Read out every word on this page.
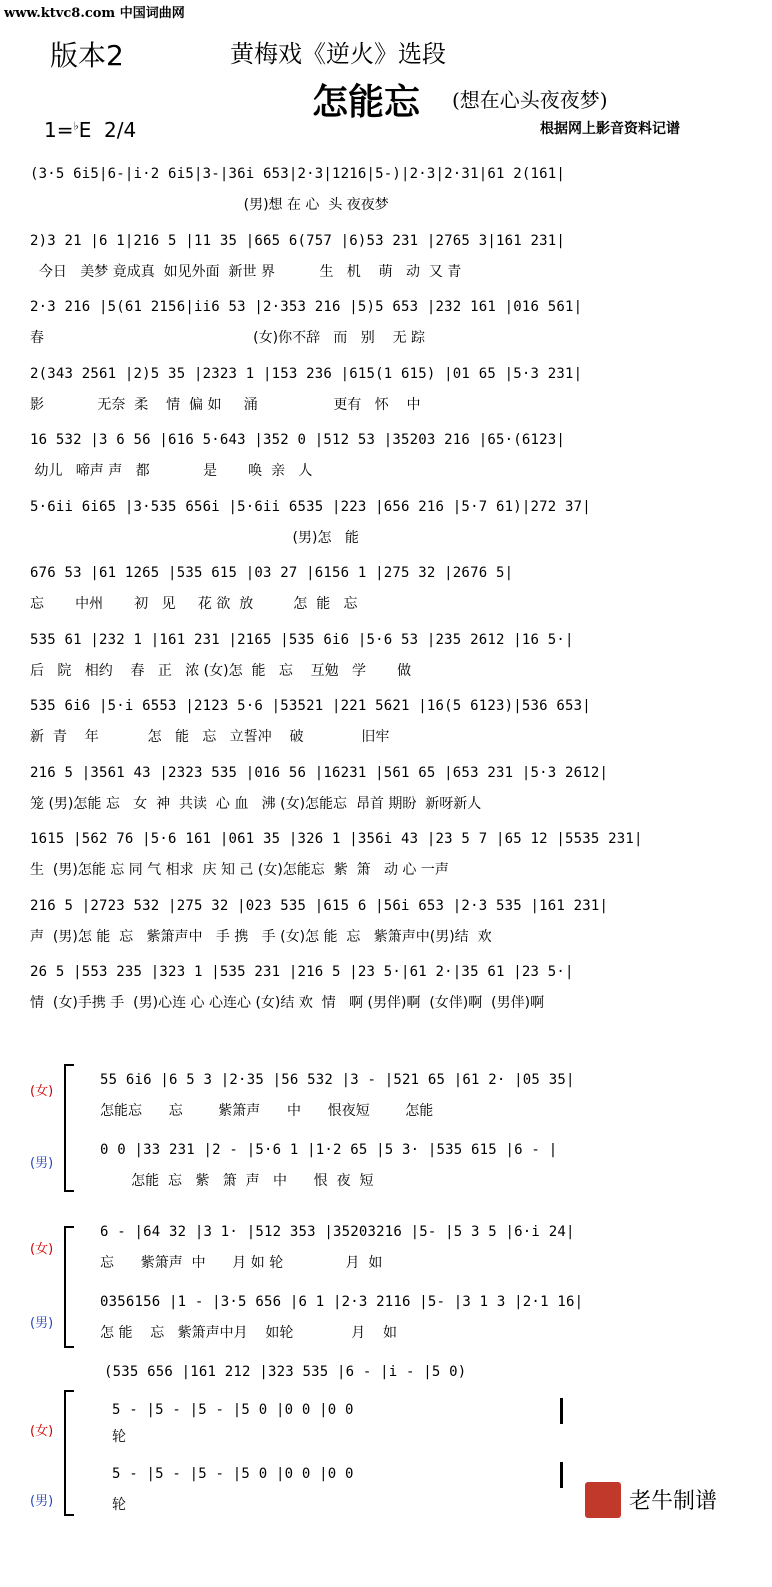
www.ktvc8.com 中国词曲网
版本2	黄梅戏《逆火》选段
怎能忘 (想在心头夜夜梦)
1=♭E 2/4	根据网上影音资料记谱
(3·5 6i5|6-|i·2 6i5|3-|36i 653|2·3|1216|5-)|2·3|2·31|61 2(161|
(男)想 在 心  头 夜夜梦
2)3 21 |6 1|216 5 |11 35 |665 6(757 |6)53 231 |2765 3|161 231|
今日   美梦 竟成真  如见外面  新世 界          生   机    萌   动  又 青
2·3 216 |5(61 2156|ii6 53 |2·353 216 |5)5 653 |232 161 |016 561|
春                                               (女)你不辞   而   别    无 踪
2(343 2561 |2)5 35 |2323 1 |153 236 |615(1 615) |01 65 |5·3 231|
影            无奈  柔    情  偏 如     涌                 更有   怀    中
16 532 |3 6 56 |616 5·643 |352 0 |512 53 |35203 216 |65·(6123|
幼儿   啼声 声   都            是       唤  亲   人
5·6ii 6i65 |3·535 656i |5·6ii 6535 |223 |656 216 |5·7 61)|272 37|
(男)怎   能
676 53 |61 1265 |535 615 |03 27 |6156 1 |275 32 |2676 5|
忘       中州       初   见     花 欲  放         怎  能   忘
535 61 |232 1 |161 231 |2165 |535 6i6 |5·6 53 |235 2612 |16 5·|
后   院   相约    春   正   浓 (女)怎  能   忘    互勉   学       做
535 6i6 |5·i 6553 |2123 5·6 |53521 |221 5621 |16(5 6123)|536 653|
新  青    年           怎   能   忘   立誓冲    破             旧牢
216 5 |3561 43 |2323 535 |016 56 |16231 |561 65 |653 231 |5·3 2612|
笼 (男)怎能 忘   女  神  共读  心 血   沸 (女)怎能忘  昂首 期盼  新呀新人
1615 |562 76 |5·6 161 |061 35 |326 1 |356i 43 |23 5 7 |65 12 |5535 231|
生  (男)怎能 忘 同 气 相求  庆 知 己 (女)怎能忘  紫  箫   动 心 一声
216 5 |2723 532 |275 32 |023 535 |615 6 |56i 653 |2·3 535 |161 231|
声  (男)怎 能  忘   紫箫声中   手 携   手 (女)怎 能  忘   紫箫声中(男)结  欢
26 5 |553 235 |323 1 |535 231 |216 5 |23 5·|61 2·|35 61 |23 5·|
情  (女)手携 手  (男)心连 心 心连心 (女)结 欢  情   啊 (男伴)啊  (女伴)啊  (男伴)啊
(女)
(男)
55 6i6 |6 5 3 |2·35 |56 532 |3 - |521 65 |61 2· |05 35|
怎能忘      忘        紫箫声      中      恨夜短        怎能
0 0 |33 231 |2 - |5·6 1 |1·2 65 |5 3· |535 615 |6 - |
怎能  忘   紫   箫  声   中      恨  夜  短
(女)
(男)
6 - |64 32 |3 1· |512 353 |35203216 |5- |5 3 5 |6·i 24|
忘      紫箫声  中      月 如 轮              月  如
0356156 |1 - |3·5 656 |6 1 |2·3 2116 |5- |3 1 3 |2·1 16|
怎 能    忘   紫箫声中月    如轮             月    如
(535 656 |161 212 |323 535 |6 - |i - |5 0)
(女)
(男)
5 - |5 - |5 - |5 0 |0 0 |0 0
轮
5 - |5 - |5 - |5 0 |0 0 |0 0
轮	老牛制谱
